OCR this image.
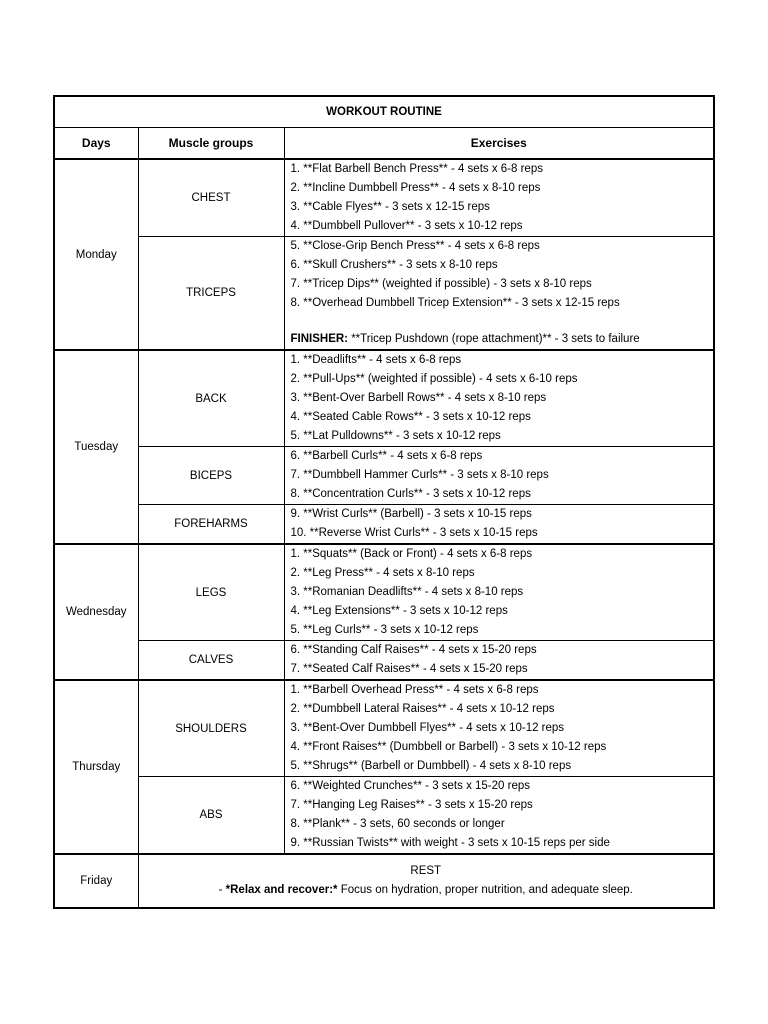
WORKOUT ROUTINE		
Days	Muscle groups	Exercises
Monday	CHEST	1. **Flat Barbell Bench Press** - 4 sets x 6-8 reps
2. **Incline Dumbbell Press** - 4 sets x 8-10 reps
3. **Cable Flyes** - 3 sets x 12-15 reps
4. **Dumbbell Pullover** - 3 sets x 10-12 reps

	TRICEPS	5. **Close-Grip Bench Press** - 4 sets x 6-8 reps
6. **Skull Crushers** - 3 sets x 8-10 reps
7. **Tricep Dips** (weighted if possible) - 3 sets x 8-10 reps
8. **Overhead Dumbbell Tricep Extension** - 3 sets x 12-15 reps
FINISHER: **Tricep Pushdown (rope attachment)** - 3 sets to failure

Tuesday	BACK	1. **Deadlifts** - 4 sets x 6-8 reps
2. **Pull-Ups** (weighted if possible) - 4 sets x 6-10 reps
3. **Bent-Over Barbell Rows** - 4 sets x 8-10 reps
4. **Seated Cable Rows** - 3 sets x 10-12 reps
5. **Lat Pulldowns** - 3 sets x 10-12 reps

	BICEPS	6. **Barbell Curls** - 4 sets x 6-8 reps
7. **Dumbbell Hammer Curls** - 3 sets x 8-10 reps
8. **Concentration Curls** - 3 sets x 10-12 reps

	FOREHARMS	9. **Wrist Curls** (Barbell) - 3 sets x 10-15 reps
10. **Reverse Wrist Curls** - 3 sets x 10-15 reps

Wednesday	LEGS	1. **Squats** (Back or Front) - 4 sets x 6-8 reps
2. **Leg Press** - 4 sets x 8-10 reps
3. **Romanian Deadlifts** - 4 sets x 8-10 reps
4. **Leg Extensions** - 3 sets x 10-12 reps
5. **Leg Curls** - 3 sets x 10-12 reps

	CALVES	6. **Standing Calf Raises** - 4 sets x 15-20 reps
7. **Seated Calf Raises** - 4 sets x 15-20 reps

Thursday	SHOULDERS	1. **Barbell Overhead Press** - 4 sets x 6-8 reps
2. **Dumbbell Lateral Raises** - 4 sets x 10-12 reps
3. **Bent-Over Dumbbell Flyes** - 4 sets x 10-12 reps
4. **Front Raises** (Dumbbell or Barbell) - 3 sets x 10-12 reps
5. **Shrugs** (Barbell or Dumbbell) - 4 sets x 8-10 reps

	ABS	6. **Weighted Crunches** - 3 sets x 15-20 reps
7. **Hanging Leg Raises** - 3 sets x 15-20 reps
8. **Plank** - 3 sets, 60 seconds or longer
9. **Russian Twists** with weight - 3 sets x 10-15 reps per side

Friday	REST
- *Relax and recover:* Focus on hydration, proper nutrition, and adequate sleep.	
